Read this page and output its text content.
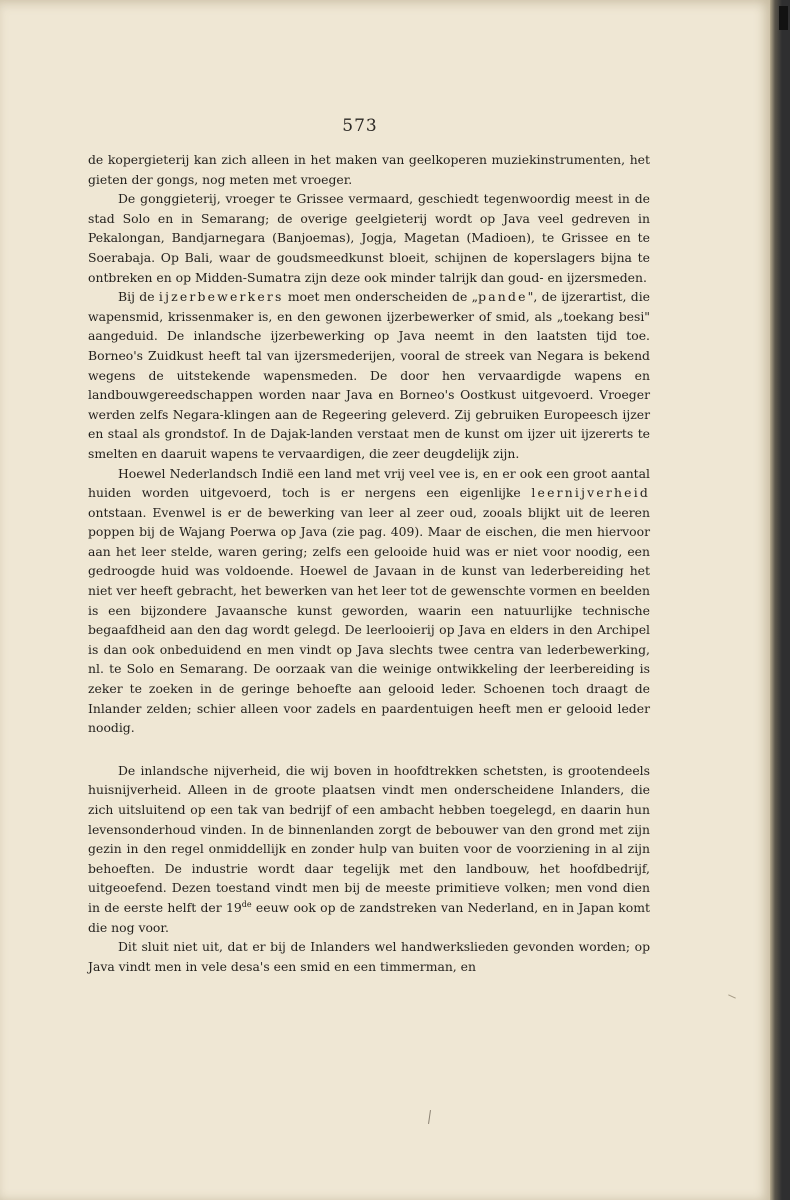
573

de kopergieterij kan zich alleen in het maken van geelkoperen muziekinstrumenten, het gieten der gongs, nog meten met vroeger.

De gonggieterij, vroeger te Grissee vermaard, geschiedt tegenwoordig meest in de stad Solo en in Semarang; de overige geelgieterij wordt op Java veel gedreven in Pekalongan, Bandjarnegara (Banjoemas), Jogja, Magetan (Madioen), te Grissee en te Soerabaja. Op Bali, waar de goudsmeedkunst bloeit, schijnen de koperslagers bijna te ontbreken en op Midden-Sumatra zijn deze ook minder talrijk dan goud- en ijzersmeden.

Bij de ijzerbewerkers moet men onderscheiden de „pande", de ijzerartist, die wapensmid, krissenmaker is, en den gewonen ijzerbewerker of smid, als „toekang besi" aangeduid. De inlandsche ijzerbewerking op Java neemt in den laatsten tijd toe. Borneo's Zuidkust heeft tal van ijzersmederijen, vooral de streek van Negara is bekend wegens de uitstekende wapensmeden. De door hen vervaardigde wapens en landbouwgereedschappen worden naar Java en Borneo's Oostkust uitgevoerd. Vroeger werden zelfs Negara-klingen aan de Regeering geleverd. Zij gebruiken Europeesch ijzer en staal als grondstof. In de Dajak-landen verstaat men de kunst om ijzer uit ijzererts te smelten en daaruit wapens te vervaardigen, die zeer deugdelijk zijn.

Hoewel Nederlandsch Indië een land met vrij veel vee is, en er ook een groot aantal huiden worden uitgevoerd, toch is er nergens een eigenlijke leernijverheid ontstaan. Evenwel is er de bewerking van leer al zeer oud, zooals blijkt uit de leeren poppen bij de Wajang Poerwa op Java (zie pag. 409). Maar de eischen, die men hiervoor aan het leer stelde, waren gering; zelfs een gelooide huid was er niet voor noodig, een gedroogde huid was voldoende. Hoewel de Javaan in de kunst van lederbereiding het niet ver heeft gebracht, het bewerken van het leer tot de gewenschte vormen en beelden is een bijzondere Javaansche kunst geworden, waarin een natuurlijke technische begaafdheid aan den dag wordt gelegd. De leerlooierij op Java en elders in den Archipel is dan ook onbeduidend en men vindt op Java slechts twee centra van lederbewerking, nl. te Solo en Semarang. De oorzaak van die weinige ontwikkeling der leerbereiding is zeker te zoeken in de geringe behoefte aan gelooid leder. Schoenen toch draagt de Inlander zelden; schier alleen voor zadels en paardentuigen heeft men er gelooid leder noodig.

De inlandsche nijverheid, die wij boven in hoofdtrekken schetsten, is grootendeels huisnijverheid. Alleen in de groote plaatsen vindt men onderscheidene Inlanders, die zich uitsluitend op een tak van bedrijf of een ambacht hebben toegelegd, en daarin hun levensonderhoud vinden. In de binnenlanden zorgt de bebouwer van den grond met zijn gezin in den regel onmiddellijk en zonder hulp van buiten voor de voorziening in al zijn behoeften. De industrie wordt daar tegelijk met den landbouw, het hoofdbedrijf, uitgeoefend. Dezen toestand vindt men bij de meeste primitieve volken; men vond dien in de eerste helft der 19de eeuw ook op de zandstreken van Nederland, en in Japan komt die nog voor.

Dit sluit niet uit, dat er bij de Inlanders wel handwerkslieden gevonden worden; op Java vindt men in vele desa's een smid en een timmerman, en
